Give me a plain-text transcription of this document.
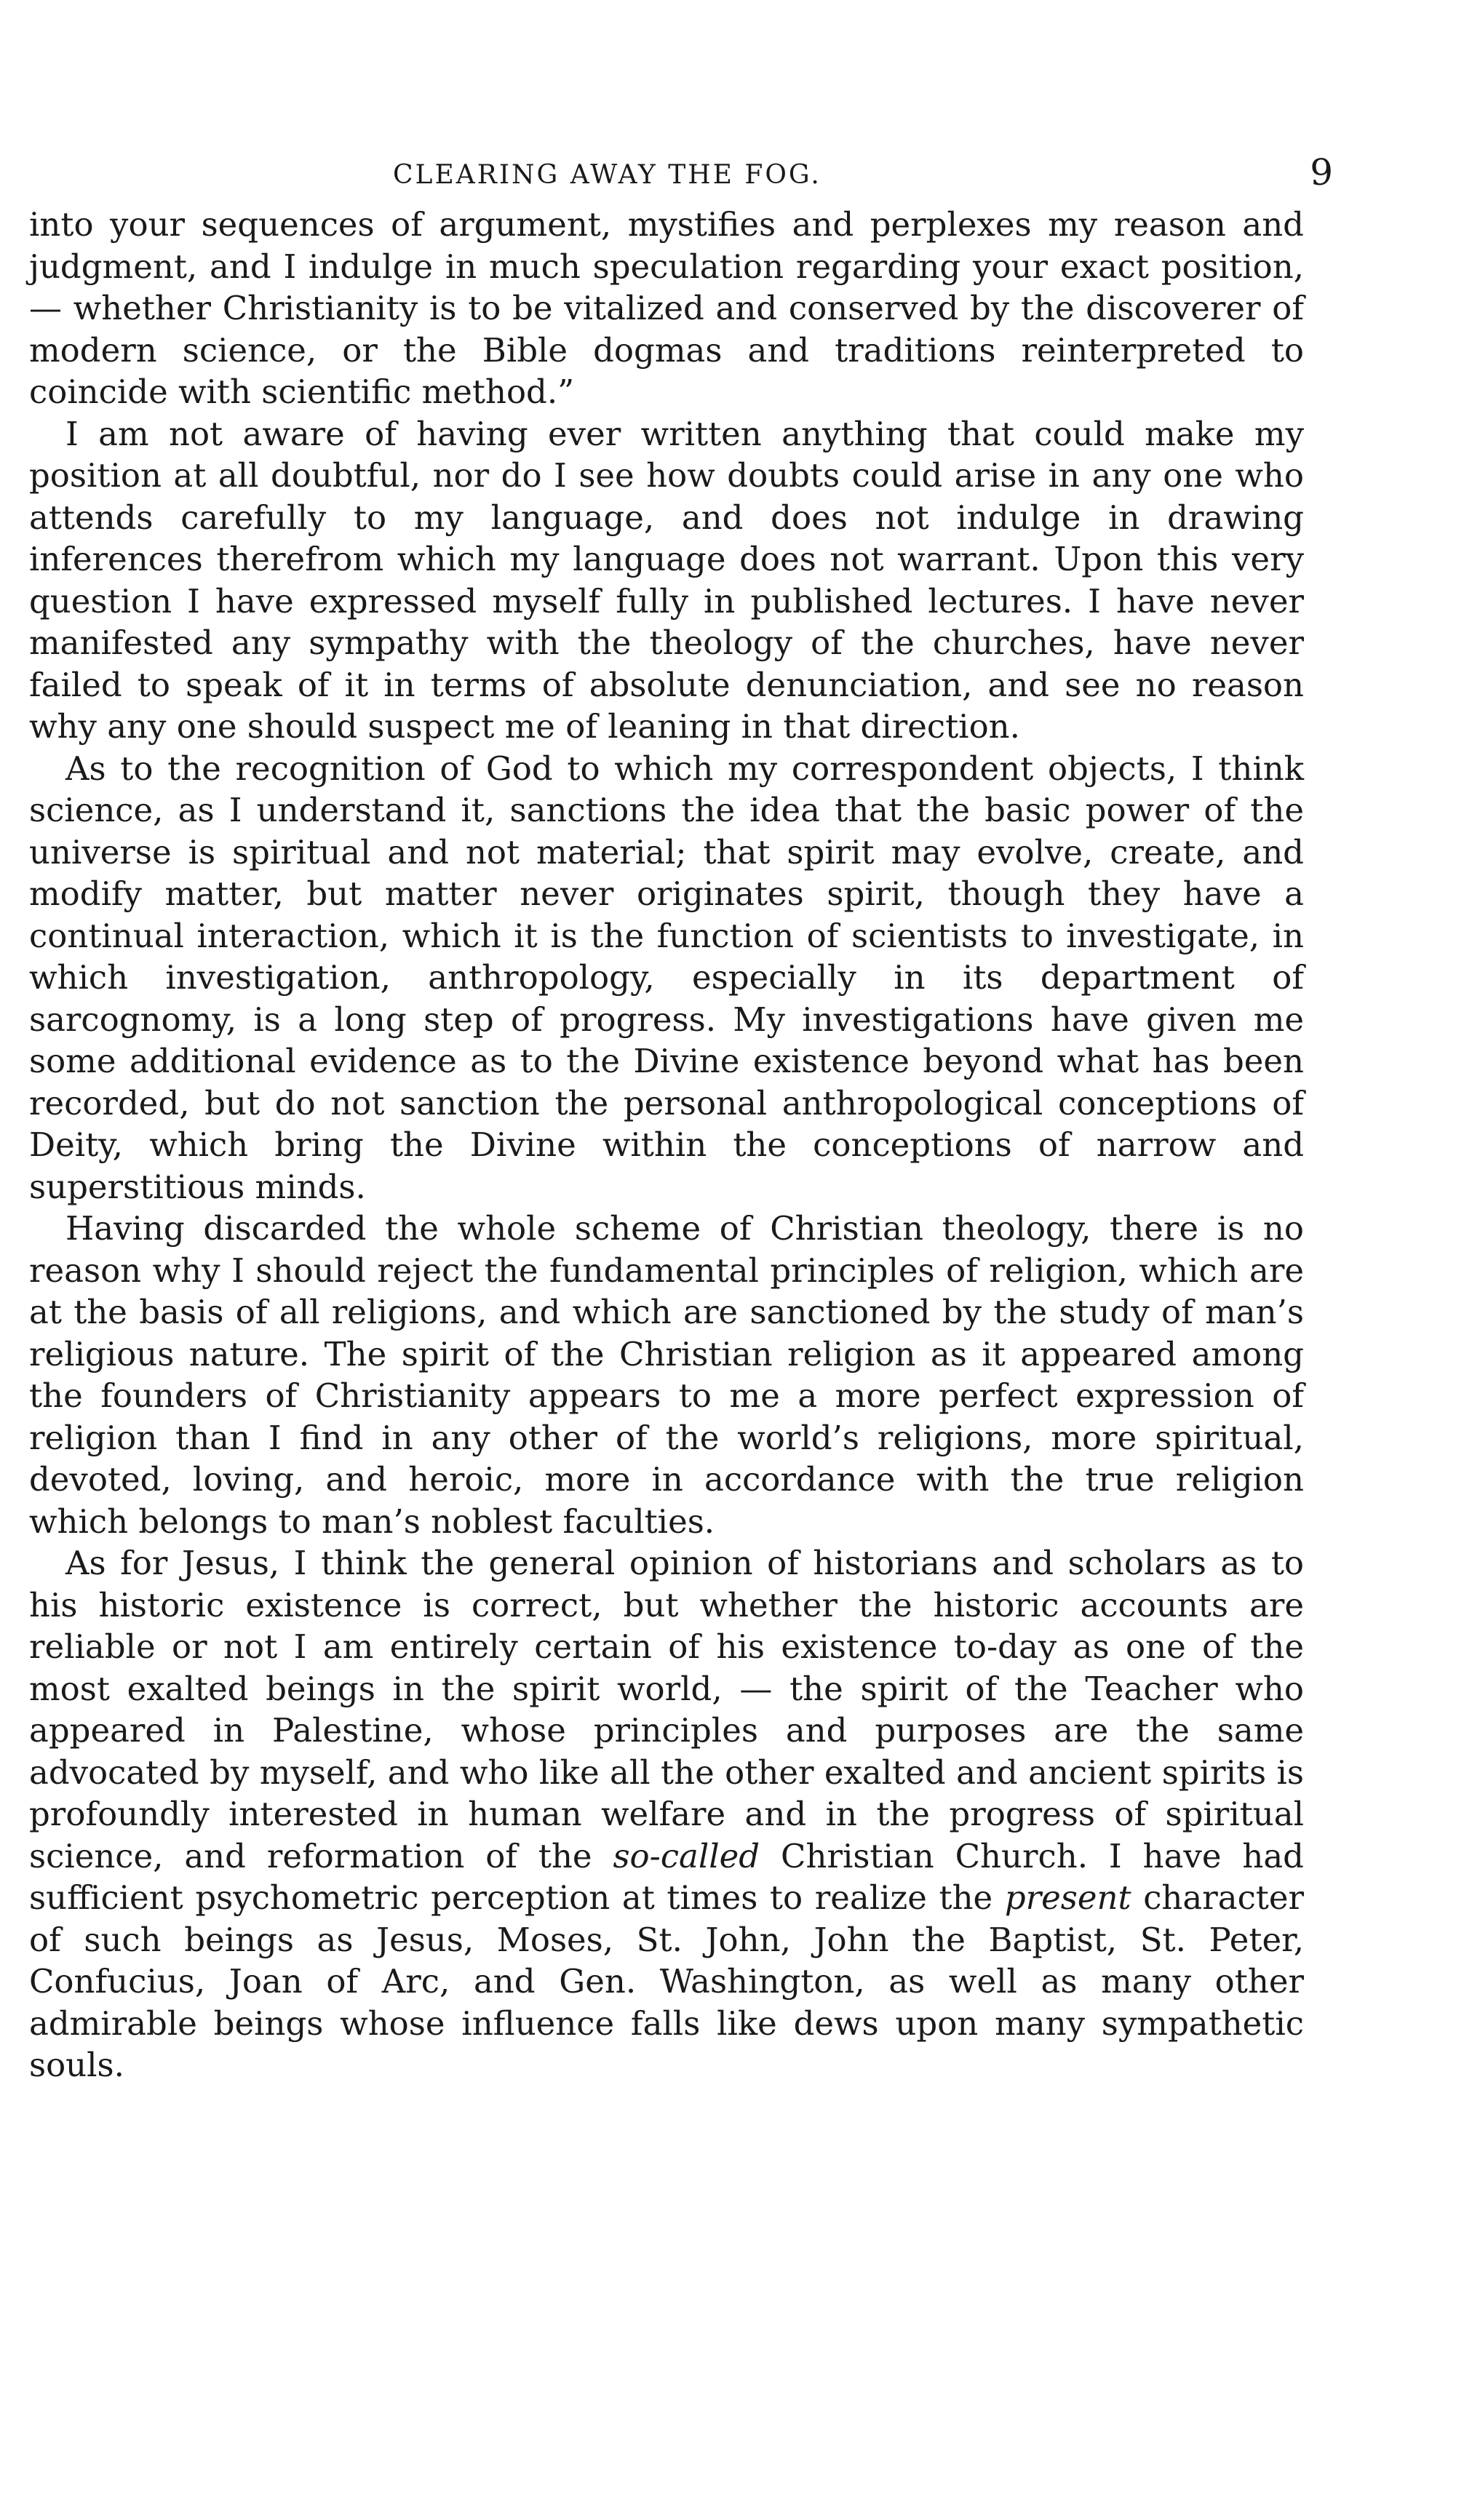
CLEARING AWAY THE FOG.	9

into your sequences of argument, mystifies and perplexes my reason and judgment, and I indulge in much speculation regarding your exact position,— whether Christianity is to be vitalized and conserved by the discoverer of modern science, or the Bible dogmas and traditions reinterpreted to coincide with scientific method.”

I am not aware of having ever written anything that could make my position at all doubtful, nor do I see how doubts could arise in any one who attends carefully to my language, and does not indulge in drawing inferences therefrom which my language does not warrant. Upon this very question I have expressed myself fully in published lectures. I have never manifested any sympathy with the theology of the churches, have never failed to speak of it in terms of absolute denunciation, and see no reason why any one should suspect me of leaning in that direction.

As to the recognition of God to which my correspondent objects, I think science, as I understand it, sanctions the idea that the basic power of the universe is spiritual and not material; that spirit may evolve, create, and modify matter, but matter never originates spirit, though they have a continual interaction, which it is the function of scientists to investigate, in which investigation, anthropology, especially in its department of sarcognomy, is a long step of progress. My investigations have given me some additional evidence as to the Divine existence beyond what has been recorded, but do not sanction the personal anthropological conceptions of Deity, which bring the Divine within the conceptions of narrow and superstitious minds.

Having discarded the whole scheme of Christian theology, there is no reason why I should reject the fundamental principles of religion, which are at the basis of all religions, and which are sanctioned by the study of man’s religious nature. The spirit of the Christian religion as it appeared among the founders of Christianity appears to me a more perfect expression of religion than I find in any other of the world’s religions, more spiritual, devoted, loving, and heroic, more in accordance with the true religion which belongs to man’s noblest faculties.

As for Jesus, I think the general opinion of historians and scholars as to his historic existence is correct, but whether the historic accounts are reliable or not I am entirely certain of his existence to-day as one of the most exalted beings in the spirit world, — the spirit of the Teacher who appeared in Palestine, whose principles and purposes are the same advocated by myself, and who like all the other exalted and ancient spirits is profoundly interested in human welfare and in the progress of spiritual science, and reformation of the so-called Christian Church. I have had sufficient psychometric perception at times to realize the present character of such beings as Jesus, Moses, St. John, John the Baptist, St. Peter, Confucius, Joan of Arc, and Gen. Washington, as well as many other admirable beings whose influence falls like dews upon many sympathetic souls.
